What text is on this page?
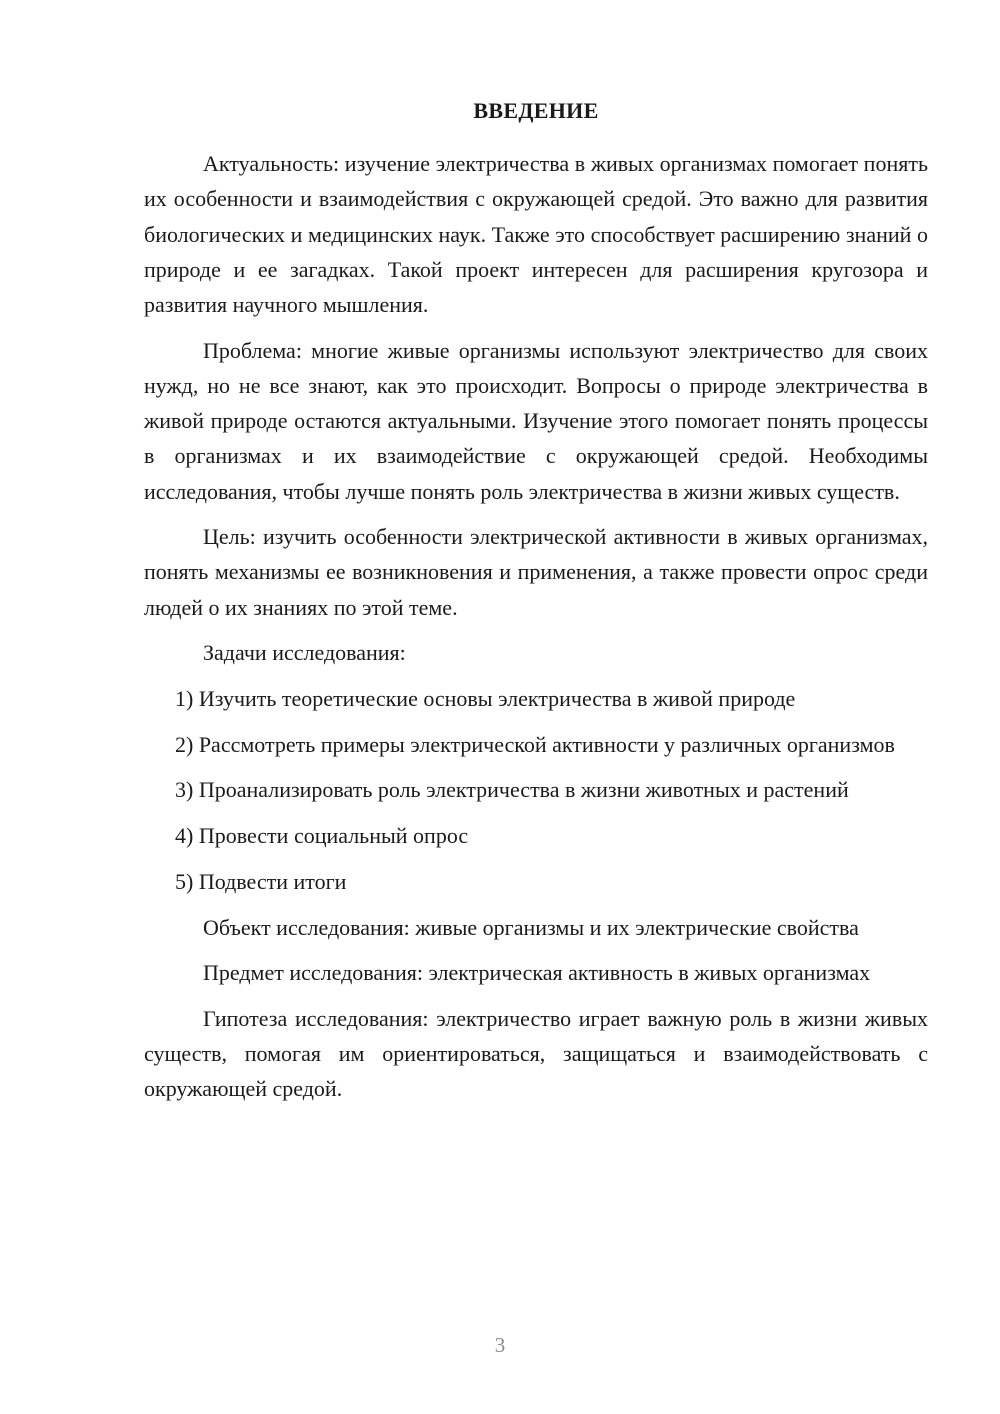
ВВЕДЕНИЕ

Актуальность: изучение электричества в живых организмах помогает понять их особенности и взаимодействия с окружающей средой. Это важно для развития биологических и медицинских наук. Также это способствует расширению знаний о природе и ее загадках. Такой проект интересен для расширения кругозора и развития научного мышления.

Проблема: многие живые организмы используют электричество для своих нужд, но не все знают, как это происходит. Вопросы о природе электричества в живой природе остаются актуальными. Изучение этого помогает понять процессы в организмах и их взаимодействие с окружающей средой. Необходимы исследования, чтобы лучше понять роль электричества в жизни живых существ.

Цель: изучить особенности электрической активности в живых организмах, понять механизмы ее возникновения и применения, а также провести опрос среди людей о их знаниях по этой теме.

Задачи исследования:

1) Изучить теоретические основы электричества в живой природе

2) Рассмотреть примеры электрической активности у различных организмов

3) Проанализировать роль электричества в жизни животных и растений

4) Провести социальный опрос

5) Подвести итоги

Объект исследования: живые организмы и их электрические свойства

Предмет исследования: электрическая активность в живых организмах

Гипотеза исследования: электричество играет важную роль в жизни живых существ, помогая им ориентироваться, защищаться и взаимодействовать с окружающей средой.

3
